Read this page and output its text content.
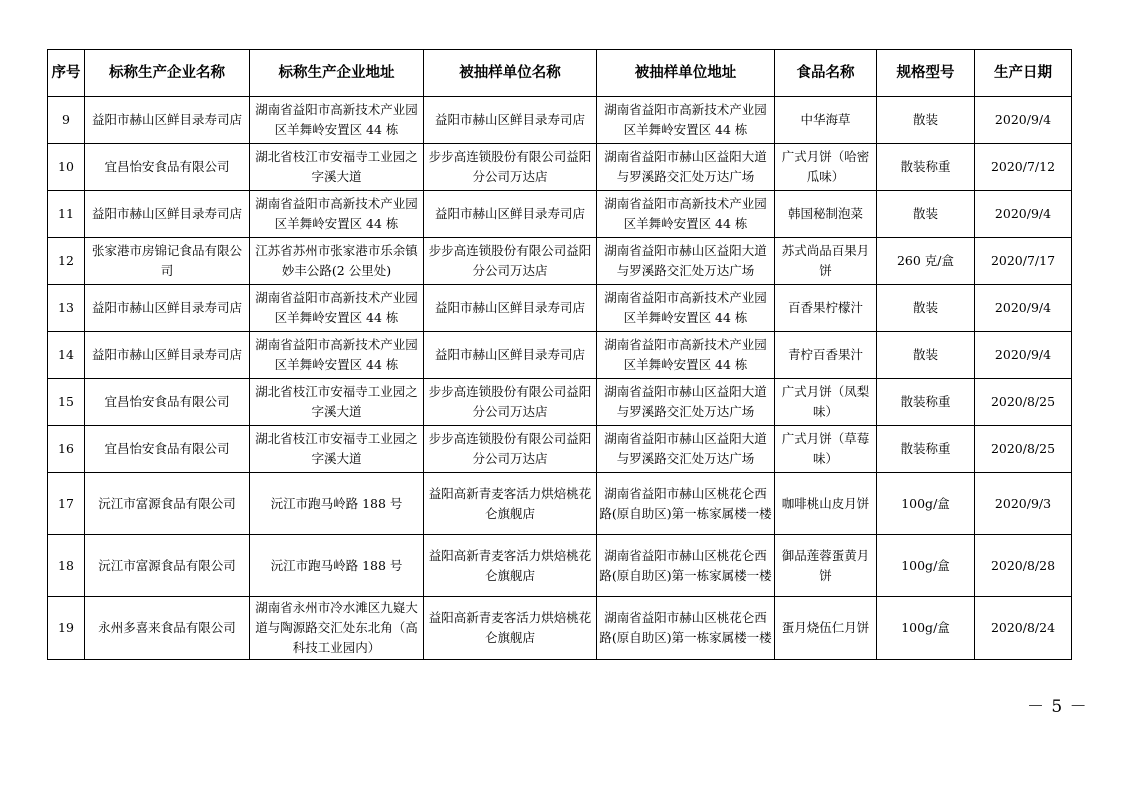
序号	标称生产企业名称	标称生产企业地址	被抽样单位名称	被抽样单位地址	食品名称	规格型号	生产日期
9	益阳市赫山区鲜目录寿司店	湖南省益阳市高新技术产业园区羊舞岭安置区 44 栋	益阳市赫山区鲜目录寿司店	湖南省益阳市高新技术产业园区羊舞岭安置区 44 栋	中华海草	散装	2020/9/4
10	宜昌怡安食品有限公司	湖北省枝江市安福寺工业园之字溪大道	步步高连锁股份有限公司益阳分公司万达店	湖南省益阳市赫山区益阳大道与罗溪路交汇处万达广场	广式月饼（哈密瓜味）	散装称重	2020/7/12
11	益阳市赫山区鲜目录寿司店	湖南省益阳市高新技术产业园区羊舞岭安置区 44 栋	益阳市赫山区鲜目录寿司店	湖南省益阳市高新技术产业园区羊舞岭安置区 44 栋	韩国秘制泡菜	散装	2020/9/4
12	张家港市房锦记食品有限公司	江苏省苏州市张家港市乐余镇妙丰公路(2 公里处)	步步高连锁股份有限公司益阳分公司万达店	湖南省益阳市赫山区益阳大道与罗溪路交汇处万达广场	苏式尚品百果月饼	260 克/盒	2020/7/17
13	益阳市赫山区鲜目录寿司店	湖南省益阳市高新技术产业园区羊舞岭安置区 44 栋	益阳市赫山区鲜目录寿司店	湖南省益阳市高新技术产业园区羊舞岭安置区 44 栋	百香果柠檬汁	散装	2020/9/4
14	益阳市赫山区鲜目录寿司店	湖南省益阳市高新技术产业园区羊舞岭安置区 44 栋	益阳市赫山区鲜目录寿司店	湖南省益阳市高新技术产业园区羊舞岭安置区 44 栋	青柠百香果汁	散装	2020/9/4
15	宜昌怡安食品有限公司	湖北省枝江市安福寺工业园之字溪大道	步步高连锁股份有限公司益阳分公司万达店	湖南省益阳市赫山区益阳大道与罗溪路交汇处万达广场	广式月饼（凤梨味）	散装称重	2020/8/25
16	宜昌怡安食品有限公司	湖北省枝江市安福寺工业园之字溪大道	步步高连锁股份有限公司益阳分公司万达店	湖南省益阳市赫山区益阳大道与罗溪路交汇处万达广场	广式月饼（草莓味）	散装称重	2020/8/25
17	沅江市富源食品有限公司	沅江市跑马岭路 188 号	益阳高新青麦客活力烘焙桃花仑旗舰店	湖南省益阳市赫山区桃花仑西路(原自助区)第一栋家属楼一楼	咖啡桃山皮月饼	100g/盒	2020/9/3
18	沅江市富源食品有限公司	沅江市跑马岭路 188 号	益阳高新青麦客活力烘焙桃花仑旗舰店	湖南省益阳市赫山区桃花仑西路(原自助区)第一栋家属楼一楼	御品莲蓉蛋黄月饼	100g/盒	2020/8/28
19	永州多喜来食品有限公司	湖南省永州市冷水滩区九嶷大道与陶源路交汇处东北角（高科技工业园内）	益阳高新青麦客活力烘焙桃花仑旗舰店	湖南省益阳市赫山区桃花仑西路(原自助区)第一栋家属楼一楼	蛋月烧伍仁月饼	100g/盒	2020/8/24
－ 5 －
